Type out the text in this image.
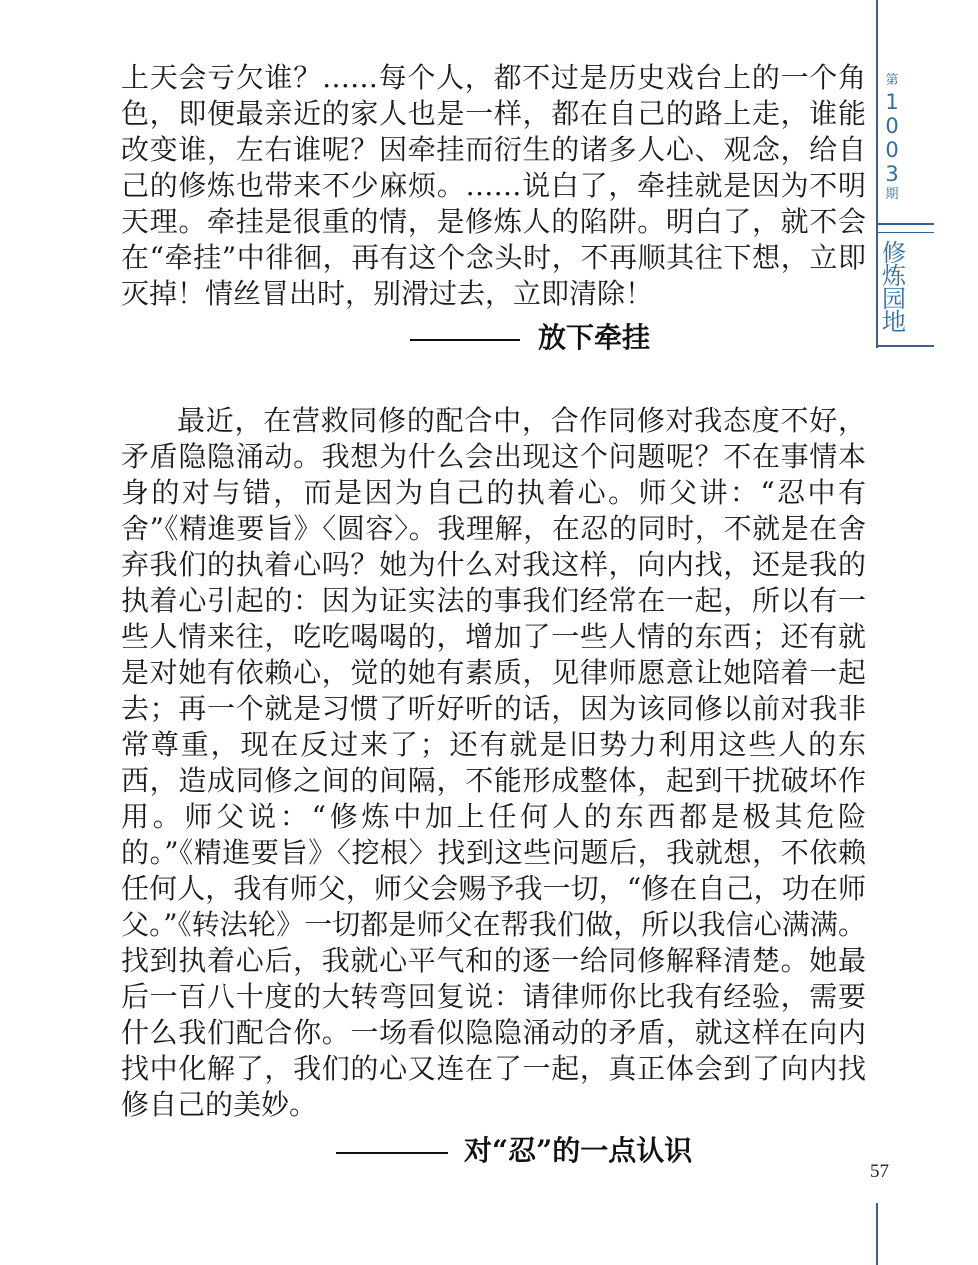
上天会亏欠谁？……每个人，都不过是历史戏台上的一个角色，即便最亲近的家人也是一样，都在自己的路上走，谁能改变谁，左右谁呢？因牵挂而衍生的诸多人心、观念，给自己的修炼也带来不少麻烦。……说白了，牵挂就是因为不明天理。牵挂是很重的情，是修炼人的陷阱。明白了，就不会在“牵挂”中徘徊，再有这个念头时，不再顺其往下想，立即灭掉！情丝冒出时，别滑过去，立即清除！

放下牵挂

最近，在营救同修的配合中，合作同修对我态度不好，矛盾隐隐涌动。我想为什么会出现这个问题呢？不在事情本身的对与错，而是因为自己的执着心。师父讲：“忍中有舍”《精進要旨》〈圆容〉。我理解，在忍的同时，不就是在舍弃我们的执着心吗？她为什么对我这样，向内找，还是我的执着心引起的：因为证实法的事我们经常在一起，所以有一些人情来往，吃吃喝喝的，增加了一些人情的东西；还有就是对她有依赖心，觉的她有素质，见律师愿意让她陪着一起去；再一个就是习惯了听好听的话，因为该同修以前对我非常尊重，现在反过来了；还有就是旧势力利用这些人的东西，造成同修之间的间隔，不能形成整体，起到干扰破坏作用。师父说：“修炼中加上任何人的东西都是极其危险的。”《精進要旨》〈挖根〉找到这些问题后，我就想，不依赖任何人，我有师父，师父会赐予我一切，“修在自己，功在师父。”《转法轮》一切都是师父在帮我们做，所以我信心满满。找到执着心后，我就心平气和的逐一给同修解释清楚。她最后一百八十度的大转弯回复说：请律师你比我有经验，需要什么我们配合你。一场看似隐隐涌动的矛盾，就这样在向内找中化解了，我们的心又连在了一起，真正体会到了向内找修自己的美妙。

对“忍”的一点认识
第
1
0
0
3
期
修
炼
园
地
57
